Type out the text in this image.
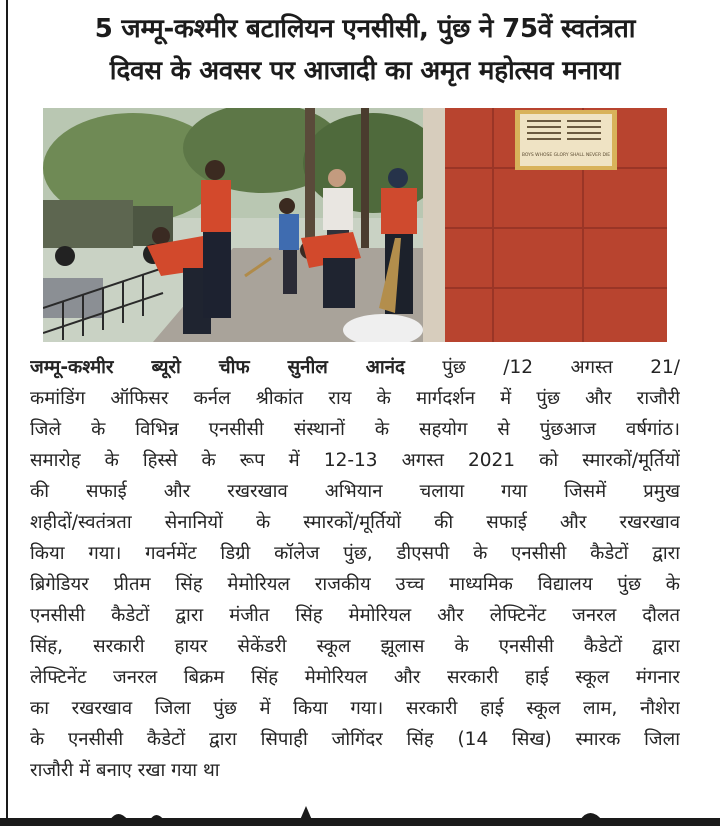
5 जम्मू-कश्मीर बटालियन एनसीसी, पुंछ ने 75वें स्वतंत्रता
दिवस के अवसर पर आजादी का अमृत महोत्सव मनाया
BOYS WHOSE GLORY SHALL NEVER DIE
जम्मू-कश्मीर ब्यूरो चीफ सुनील आनंद पुंछ /12 अगस्त 21/
कमांडिंग ऑफिसर कर्नल श्रीकांत राय के मार्गदर्शन में पुंछ और राजौरी
जिले के विभिन्न एनसीसी संस्थानों के सहयोग से पुंछआज वर्षगांठ।
समारोह के हिस्से के रूप में 12-13 अगस्त 2021 को स्मारकों/मूर्तियों
की सफाई और रखरखाव अभियान चलाया गया जिसमें प्रमुख
शहीदों/स्वतंत्रता सेनानियों के स्मारकों/मूर्तियों की सफाई और रखरखाव
किया गया। गवर्नमेंट डिग्री कॉलेज पुंछ, डीएसपी के एनसीसी कैडेटों द्वारा
ब्रिगेडियर प्रीतम सिंह मेमोरियल राजकीय उच्च माध्यमिक विद्यालय पुंछ के
एनसीसी कैडेटों द्वारा मंजीत सिंह मेमोरियल और लेफ्टिनेंट जनरल दौलत
सिंह, सरकारी हायर सेकेंडरी स्कूल झूलास के एनसीसी कैडेटों द्वारा
लेफ्टिनेंट जनरल बिक्रम सिंह मेमोरियल और सरकारी हाई स्कूल मंगनार
का रखरखाव जिला पुंछ में किया गया। सरकारी हाई स्कूल लाम, नौशेरा
के एनसीसी कैडेटों द्वारा सिपाही जोगिंदर सिंह (14 सिख) स्मारक जिला
राजौरी में बनाए रखा गया था
